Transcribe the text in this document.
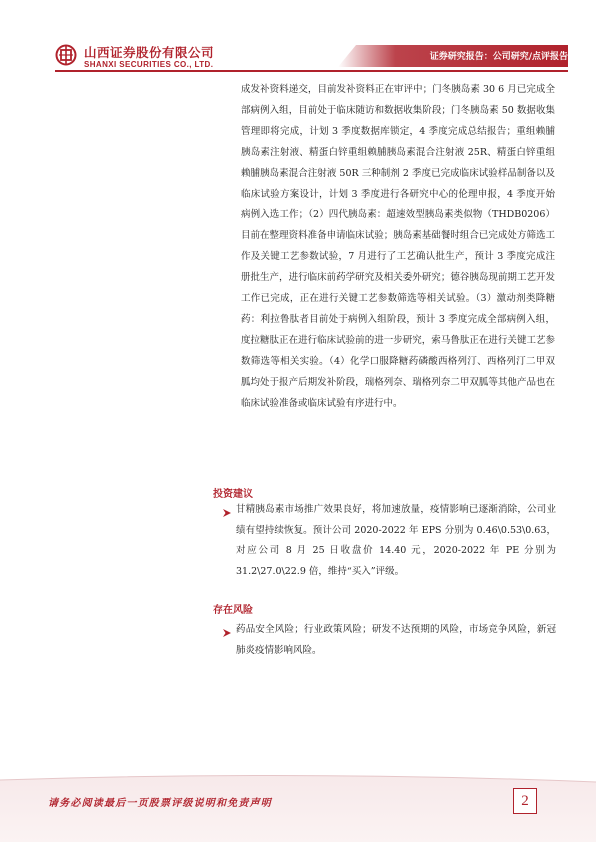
山西证券股份有限公司
SHANXI SECURITIES CO., LTD.
证券研究报告：公司研究/点评报告
成发补资料递交，目前发补资料正在审评中；门冬胰岛素 30 6 月已完成全部病例入组，目前处于临床随访和数据收集阶段；门冬胰岛素 50 数据收集管理即将完成，计划 3 季度数据库锁定，4 季度完成总结报告；重组赖脯胰岛素注射液、精蛋白锌重组赖脯胰岛素混合注射液 25R、精蛋白锌重组赖脯胰岛素混合注射液 50R 三种制剂 2 季度已完成临床试验样品制备以及临床试验方案设计，计划 3 季度进行各研究中心的伦理申报，4 季度开始病例入选工作；（2）四代胰岛素：超速效型胰岛素类似物（THDB0206）目前在整理资料准备申请临床试验；胰岛素基础餐时组合已完成处方筛选工作及关键工艺参数试验，7 月进行了工艺确认批生产，预计 3 季度完成注册批生产，进行临床前药学研究及相关委外研究；德谷胰岛现前期工艺开发工作已完成，正在进行关键工艺参数筛选等相关试验。（3）激动剂类降糖药：利拉鲁肽者目前处于病例入组阶段，预计 3 季度完成全部病例入组，度拉糖肽正在进行临床试验前的进一步研究，索马鲁肽正在进行关键工艺参数筛选等相关实验。（4）化学口服降糖药磷酸西格列汀、西格列汀二甲双胍均处于报产后期发补阶段，瑞格列奈、瑞格列奈二甲双胍等其他产品也在临床试验准备或临床试验有序进行中。
投资建议
甘精胰岛素市场推广效果良好，将加速放量，疫情影响已逐渐消除，公司业绩有望持续恢复。预计公司 2020-2022 年 EPS 分别为 0.46\0.53\0.63，对应公司 8 月 25 日收盘价 14.40 元，2020-2022 年 PE 分别为 31.2\27.0\22.9 倍，维持“买入”评级。
存在风险
药品安全风险；行业政策风险；研发不达预期的风险，市场竞争风险，新冠肺炎疫情影响风险。
请务必阅读最后一页股票评级说明和免责声明	2
